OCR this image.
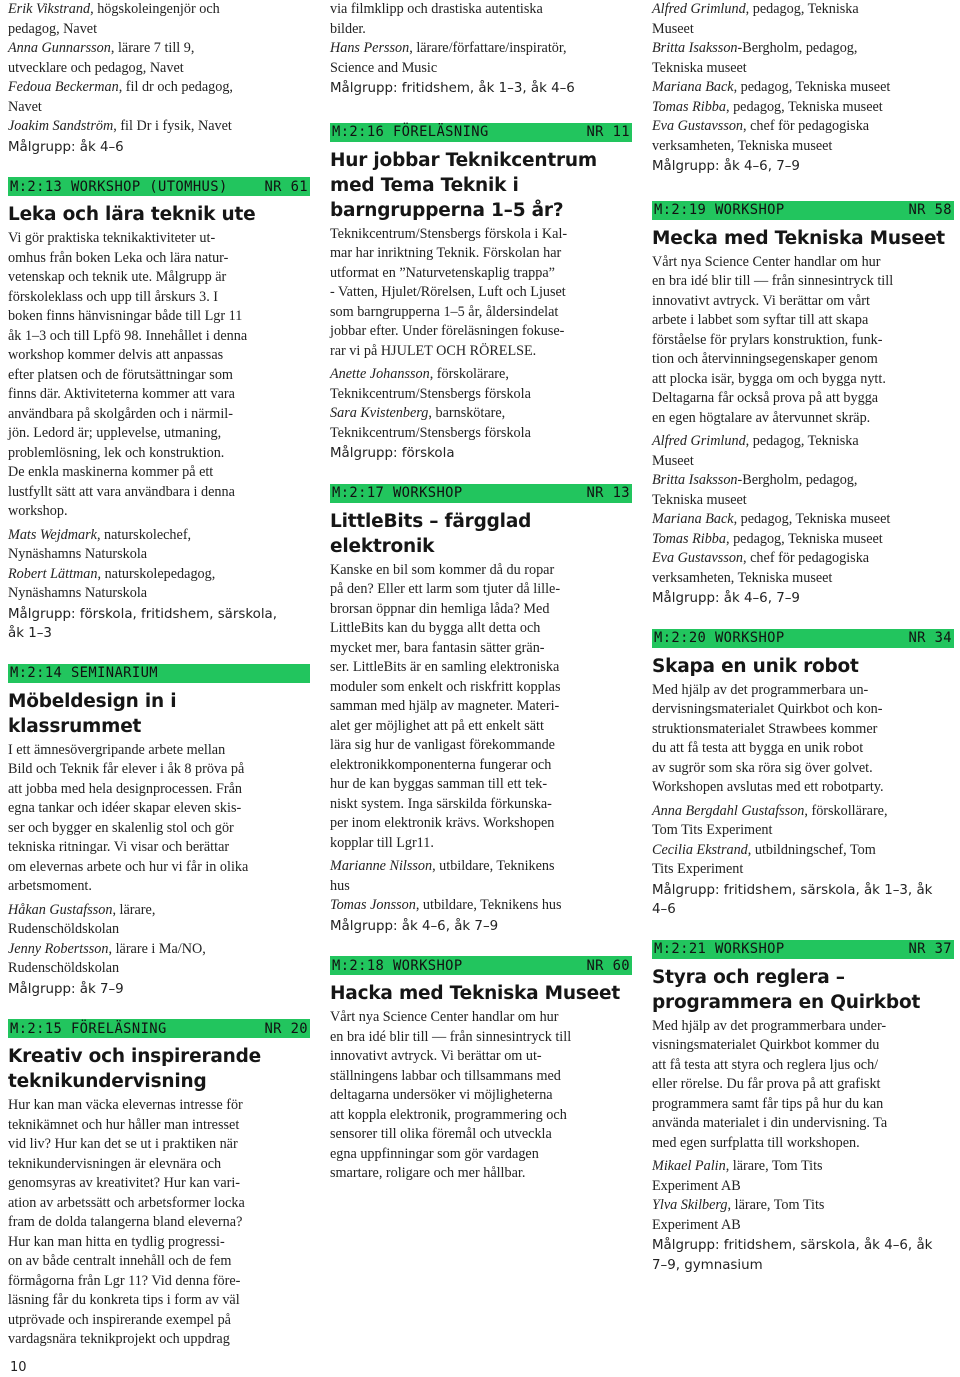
Erik Vikstrand, högskoleingenjör och
pedagog, Navet
Anna Gunnarsson, lärare 7 till 9,
utvecklare och pedagog, Navet
Fedoua Beckerman, fil dr och pedagog,
Navet
Joakim Sandström, fil Dr i fysik, Navet
Målgrupp: åk 4–6
M:2:13 WORKSHOP (UTOMHUS)	NR 61
Leka och lära teknik ute
Vi gör praktiska teknikaktiviteter ut-
omhus från boken Leka och lära natur-
vetenskap och teknik ute. Målgrupp är
förskoleklass och upp till årskurs 3. I
boken finns hänvisningar både till Lgr 11
åk 1–3 och till Lpfö 98. Innehållet i denna
workshop kommer delvis att anpassas
efter platsen och de förutsättningar som
finns där. Aktiviteterna kommer att vara
användbara på skolgården och i närmil-
jön. Ledord är; upplevelse, utmaning,
problemlösning, lek och konstruktion.
De enkla maskinerna kommer på ett
lustfyllt sätt att vara användbara i denna
workshop.
Mats Wejdmark, naturskolechef,
Nynäshamns Naturskola
Robert Lättman, naturskolepedagog,
Nynäshamns Naturskola
Målgrupp: förskola, fritidshem, särskola,
åk 1–3
M:2:14 SEMINARIUM
Möbeldesign in i klassrummet
I ett ämnesövergripande arbete mellan
Bild och Teknik får elever i åk 8 pröva på
att jobba med hela designprocessen. Från
egna tankar och idéer skapar eleven skis-
ser och bygger en skalenlig stol och gör
tekniska ritningar. Vi visar och berättar
om elevernas arbete och hur vi får in olika
arbetsmoment.
Håkan Gustafsson, lärare,
Rudenschöldskolan
Jenny Robertsson, lärare i Ma/NO,
Rudenschöldskolan
Målgrupp: åk 7–9
M:2:15 FÖRELÄSNING	NR 20
Kreativ och inspirerande
teknikundervisning
Hur kan man väcka elevernas intresse för
teknikämnet och hur håller man intresset
vid liv? Hur kan det se ut i praktiken när
teknikundervisningen är elevnära och
genomsyras av kreativitet? Hur kan vari-
ation av arbetssätt och arbetsformer locka
fram de dolda talangerna bland eleverna?
Hur kan man hitta en tydlig progressi-
on av både centralt innehåll och de fem
förmågorna från Lgr 11? Vid denna före-
läsning får du konkreta tips i form av väl
utprövade och inspirerande exempel på
vardagsnära teknikprojekt och uppdrag
via filmklipp och drastiska autentiska
bilder.
Hans Persson, lärare/författare/inspiratör,
Science and Music
Målgrupp: fritidshem, åk 1–3, åk 4–6
M:2:16 FÖRELÄSNING	NR 11
Hur jobbar Teknikcentrum
med Tema Teknik i
barngrupperna 1–5 år?
Teknikcentrum/Stensbergs förskola i Kal-
mar har inriktning Teknik. Förskolan har
utformat en ”Naturvetenskaplig trappa”
- Vatten, Hjulet/Rörelsen, Luft och Ljuset
som barngrupperna 1–5 år, åldersindelat
jobbar efter. Under föreläsningen fokuse-
rar vi på HJULET OCH RÖRELSE.
Anette Johansson, förskolärare,
Teknikcentrum/Stensbergs förskola
Sara Kvistenberg, barnskötare,
Teknikcentrum/Stensbergs förskola
Målgrupp: förskola
M:2:17 WORKSHOP	NR 13
LittleBits – färgglad elektronik
Kanske en bil som kommer då du ropar
på den? Eller ett larm som tjuter då lille-
brorsan öppnar din hemliga låda? Med
LittleBits kan du bygga allt detta och
mycket mer, bara fantasin sätter grän-
ser. LittleBits är en samling elektroniska
moduler som enkelt och riskfritt kopplas
samman med hjälp av magneter. Materi-
alet ger möjlighet att på ett enkelt sätt
lära sig hur de vanligast förekommande
elektronikkomponenterna fungerar och
hur de kan byggas samman till ett tek-
niskt system. Inga särskilda förkunska-
per inom elektronik krävs. Workshopen
kopplar till Lgr11.
Marianne Nilsson, utbildare, Teknikens
hus
Tomas Jonsson, utbildare, Teknikens hus
Målgrupp: åk 4–6, åk 7–9
M:2:18 WORKSHOP	NR 60
Hacka med Tekniska Museet
Vårt nya Science Center handlar om hur
en bra idé blir till — från sinnesintryck till
innovativt avtryck. Vi berättar om ut-
ställningens labbar och tillsammans med
deltagarna undersöker vi möjligheterna
att koppla elektronik, programmering och
sensorer till olika föremål och utveckla
egna uppfinningar som gör vardagen
smartare, roligare och mer hållbar.
Alfred Grimlund, pedagog, Tekniska
Museet
Britta Isaksson-Bergholm, pedagog,
Tekniska museet
Mariana Back, pedagog, Tekniska museet
Tomas Ribba, pedagog, Tekniska museet
Eva Gustavsson, chef för pedagogiska
verksamheten, Tekniska museet
Målgrupp: åk 4–6, 7–9
M:2:19 WORKSHOP	NR 58
Mecka med Tekniska Museet
Vårt nya Science Center handlar om hur
en bra idé blir till — från sinnesintryck till
innovativt avtryck. Vi berättar om vårt
arbete i labbet som syftar till att skapa
förståelse för prylars konstruktion, funk-
tion och återvinningsegenskaper genom
att plocka isär, bygga om och bygga nytt.
Deltagarna får också prova på att bygga
en egen högtalare av återvunnet skräp.
Alfred Grimlund, pedagog, Tekniska
Museet
Britta Isaksson-Bergholm, pedagog,
Tekniska museet
Mariana Back, pedagog, Tekniska museet
Tomas Ribba, pedagog, Tekniska museet
Eva Gustavsson, chef för pedagogiska
verksamheten, Tekniska museet
Målgrupp: åk 4–6, 7–9
M:2:20 WORKSHOP	NR 34
Skapa en unik robot
Med hjälp av det programmerbara un-
dervisningsmaterialet Quirkbot och kon-
struktionsmaterialet Strawbees kommer
du att få testa att bygga en unik robot
av sugrör som ska röra sig över golvet.
Workshopen avslutas med ett robotparty.
Anna Bergdahl Gustafsson, förskollärare,
Tom Tits Experiment
Cecilia Ekstrand, utbildningschef, Tom
Tits Experiment
Målgrupp: fritidshem, särskola, åk 1–3, åk
4–6
M:2:21 WORKSHOP	NR 37
Styra och reglera –
programmera en Quirkbot
Med hjälp av det programmerbara under-
visningsmaterialet Quirkbot kommer du
att få testa att styra och reglera ljus och/
eller rörelse. Du får prova på att grafiskt
programmera samt får tips på hur du kan
använda materialet i din undervisning. Ta
med egen surfplatta till workshopen.
Mikael Palin, lärare, Tom Tits
Experiment AB
Ylva Skilberg, lärare, Tom Tits
Experiment AB
Målgrupp: fritidshem, särskola, åk 4–6, åk
7–9, gymnasium
10
